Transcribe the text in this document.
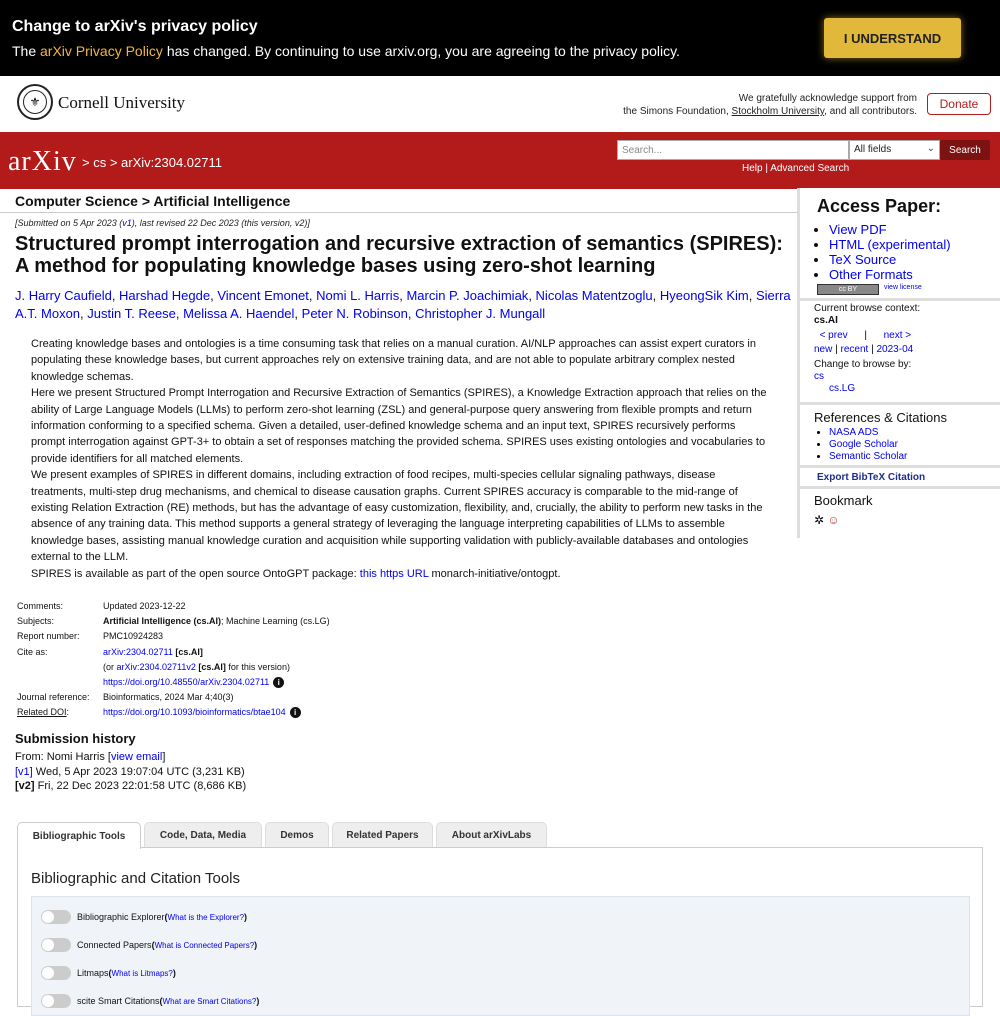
Change to arXiv's privacy policy
The arXiv Privacy Policy has changed. By continuing to use arxiv.org, you are agreeing to the privacy policy.
I UNDERSTAND
⚜	Cornell University	We gratefully acknowledge support from
the Simons Foundation, Stockholm University, and all contributors.
Donate
arXiv > cs > arXiv:2304.02711
Search...	All fields	⌄	Search
Help | Advanced Search
Computer Science > Artificial Intelligence
[Submitted on 5 Apr 2023 (v1), last revised 22 Dec 2023 (this version, v2)]
Structured prompt interrogation and recursive extraction of semantics (SPIRES): A method for populating knowledge bases using zero-shot learning
J. Harry Caufield, Harshad Hegde, Vincent Emonet, Nomi L. Harris, Marcin P. Joachimiak, Nicolas Matentzoglu, HyeongSik Kim, Sierra A.T. Moxon, Justin T. Reese, Melissa A. Haendel, Peter N. Robinson, Christopher J. Mungall

Creating knowledge bases and ontologies is a time consuming task that relies on a manual curation. AI/NLP approaches can assist expert curators in populating these knowledge bases, but current approaches rely on extensive training data, and are not able to populate arbitrary complex nested knowledge schemas.

Here we present Structured Prompt Interrogation and Recursive Extraction of Semantics (SPIRES), a Knowledge Extraction approach that relies on the ability of Large Language Models (LLMs) to perform zero-shot learning (ZSL) and general-purpose query answering from flexible prompts and return information conforming to a specified schema. Given a detailed, user-defined knowledge schema and an input text, SPIRES recursively performs prompt interrogation against GPT-3+ to obtain a set of responses matching the provided schema. SPIRES uses existing ontologies and vocabularies to provide identifiers for all matched elements.

We present examples of SPIRES in different domains, including extraction of food recipes, multi-species cellular signaling pathways, disease treatments, multi-step drug mechanisms, and chemical to disease causation graphs. Current SPIRES accuracy is comparable to the mid-range of existing Relation Extraction (RE) methods, but has the advantage of easy customization, flexibility, and, crucially, the ability to perform new tasks in the absence of any training data. This method supports a general strategy of leveraging the language interpreting capabilities of LLMs to assemble knowledge bases, assisting manual knowledge curation and acquisition while supporting validation with publicly-available databases and ontologies external to the LLM.

SPIRES is available as part of the open source OntoGPT package: this https URL monarch-initiative/ontogpt.

Comments:	Updated 2023-12-22
Subjects:	Artificial Intelligence (cs.AI); Machine Learning (cs.LG)
Report number:	PMC10924283
Cite as:	arXiv:2304.02711 [cs.AI]
(or arXiv:2304.02711v2 [cs.AI] for this version)
https://doi.org/10.48550/arXiv.2304.02711 i
Journal reference:	Bioinformatics, 2024 Mar 4;40(3)
Related DOI:	https://doi.org/10.1093/bioinformatics/btae104 i
Submission history
From: Nomi Harris [view email]
[v1] Wed, 5 Apr 2023 19:07:04 UTC (3,231 KB)
[v2] Fri, 22 Dec 2023 22:01:58 UTC (8,686 KB)
Access Paper:
• View PDF
• HTML (experimental)
• TeX Source
• Other Formats
cc BY	view license
Current browse context:
cs.AI
< prev | next >
new | recent | 2023-04
Change to browse by:
cs
cs.LG
References & Citations
• NASA ADS
• Google Scholar
• Semantic Scholar
Export BibTeX Citation
Bookmark
✲ ☺
Bibliographic Tools	Code, Data, Media	Demos	Related Papers	About arXivLabs
Bibliographic and Citation Tools
Bibliographic Explorer ( What is the Explorer? )
Connected Papers ( What is Connected Papers? )
Litmaps ( What is Litmaps? )
scite Smart Citations ( What are Smart Citations? )
